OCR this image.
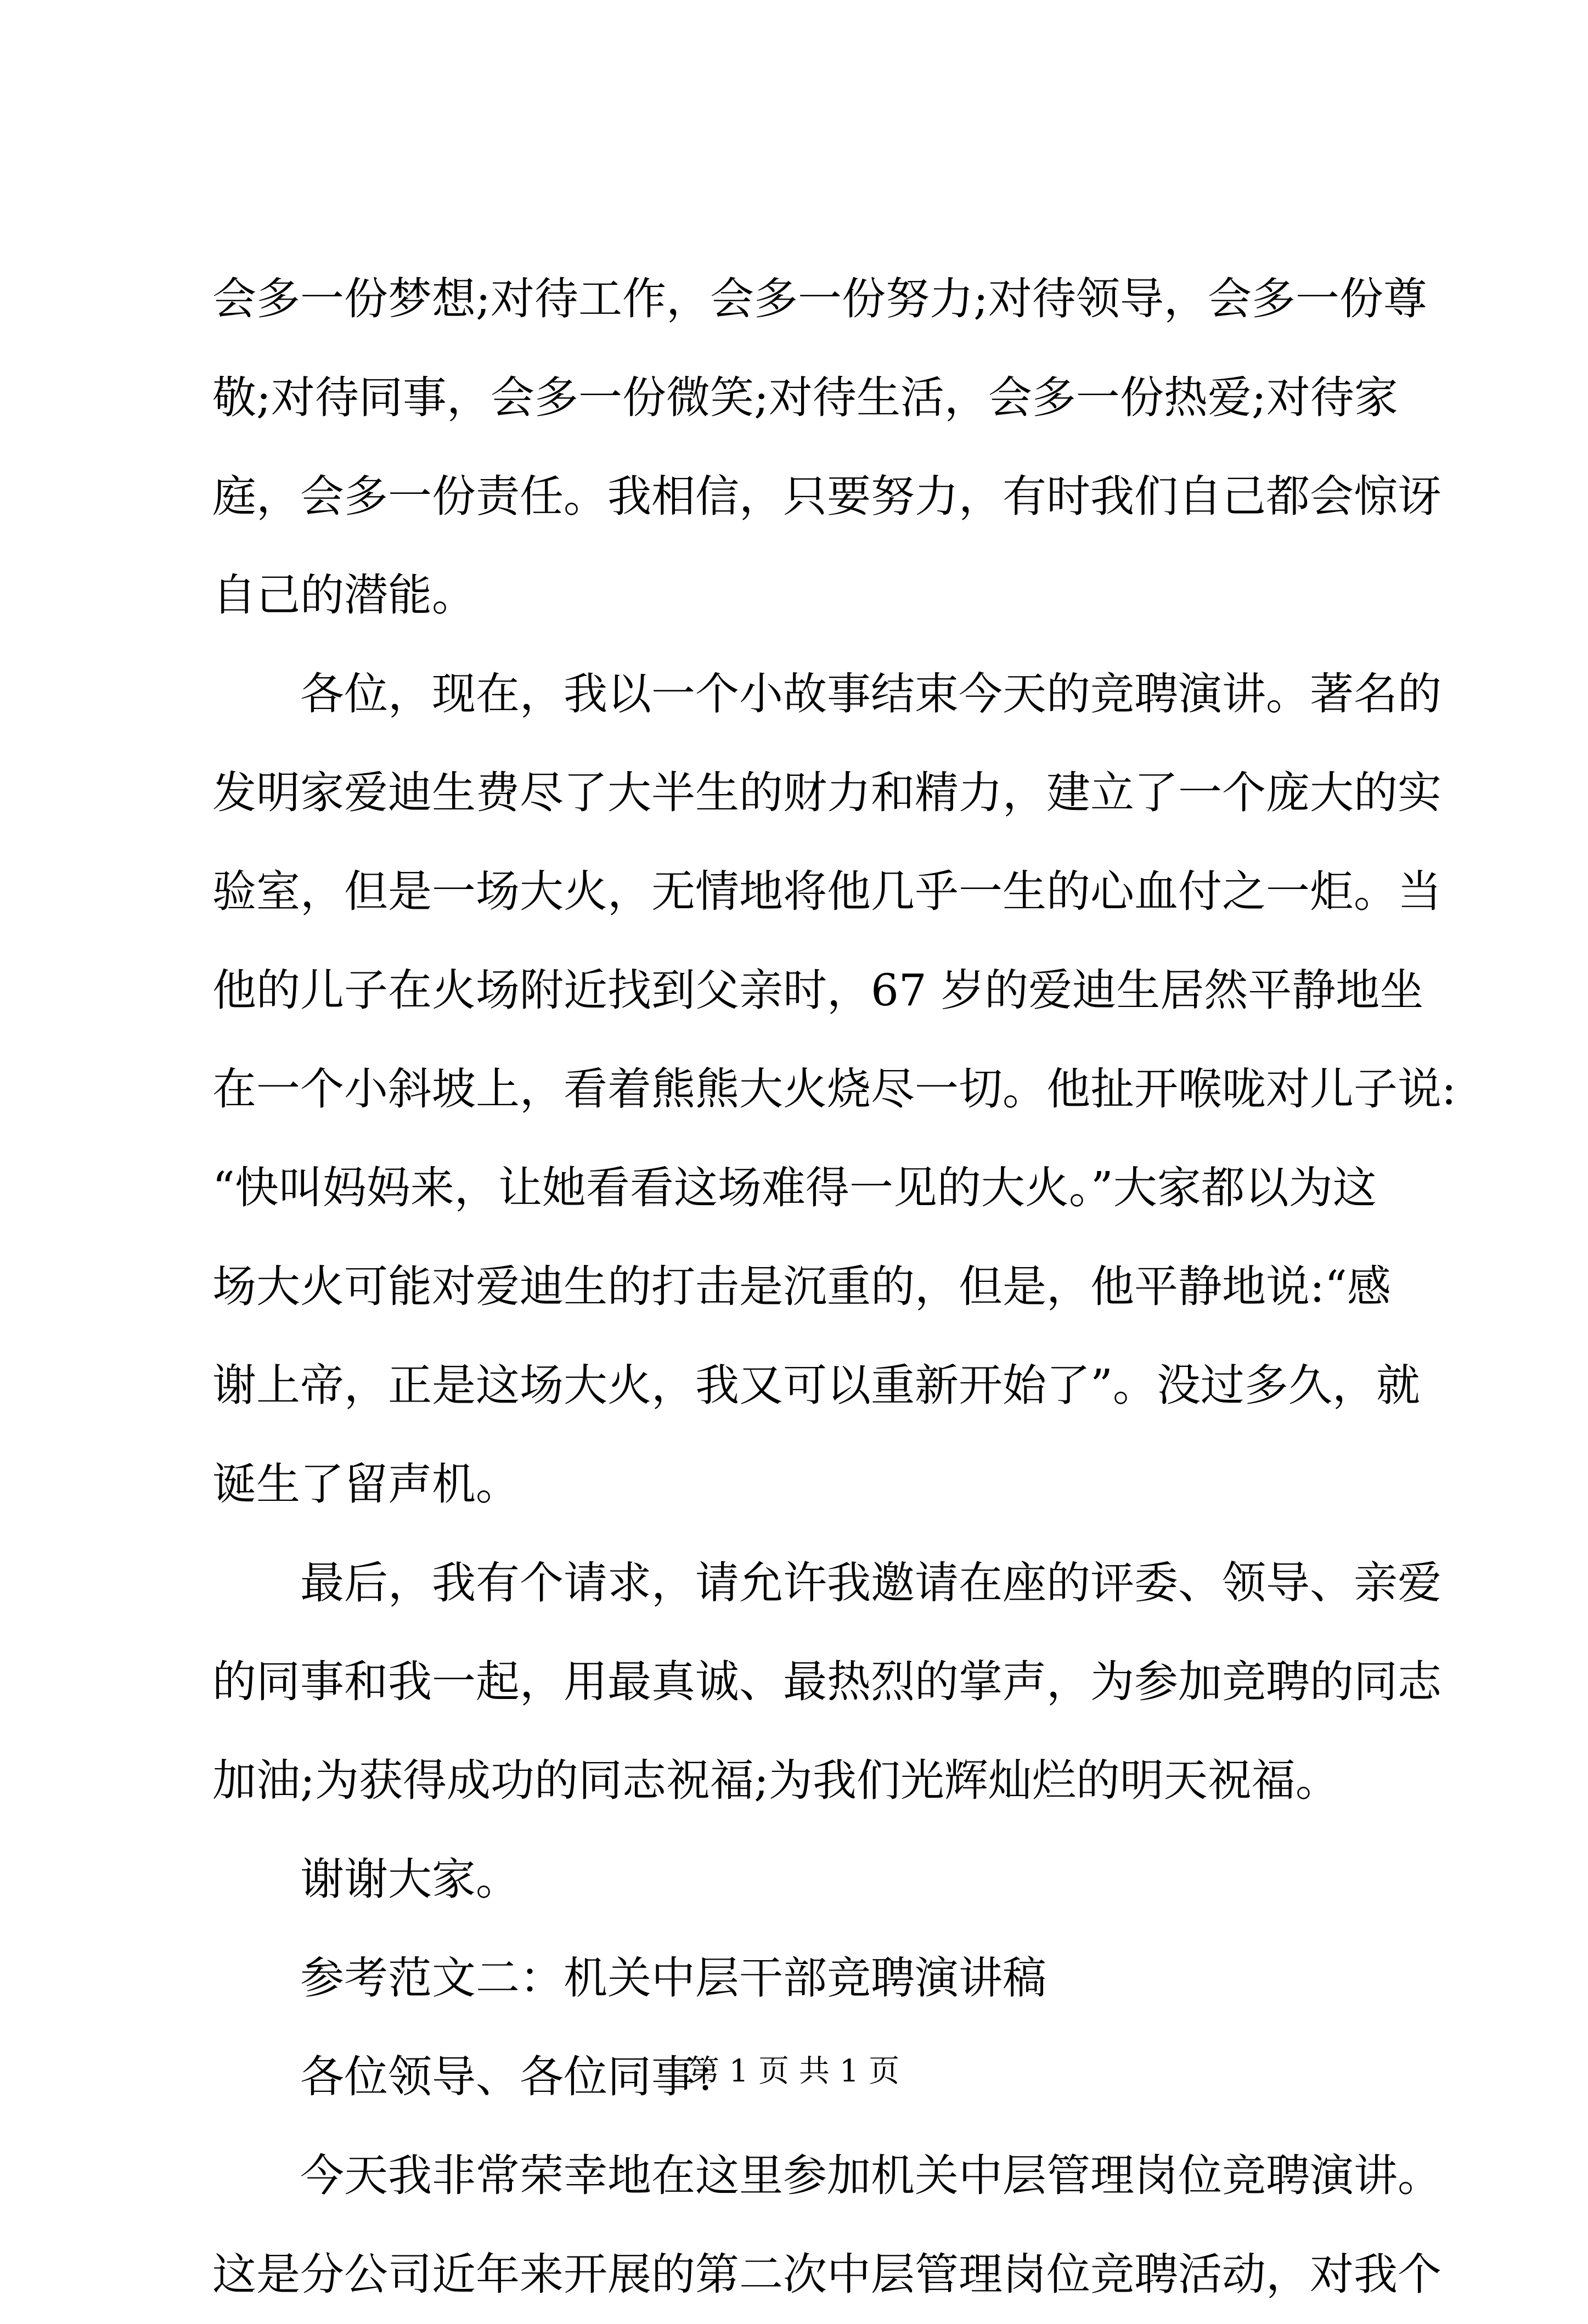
会多一份梦想;对待工作，会多一份努力;对待领导，会多一份尊
敬;对待同事，会多一份微笑;对待生活，会多一份热爱;对待家
庭，会多一份责任。我相信，只要努力，有时我们自己都会惊讶
自己的潜能。
各位，现在，我以一个小故事结束今天的竞聘演讲。著名的
发明家爱迪生费尽了大半生的财力和精力，建立了一个庞大的实
验室，但是一场大火，无情地将他几乎一生的心血付之一炬。当
他的儿子在火场附近找到父亲时，67 岁的爱迪生居然平静地坐
在一个小斜坡上，看着熊熊大火烧尽一切。他扯开喉咙对儿子说:
“快叫妈妈来，让她看看这场难得一见的大火。”大家都以为这
场大火可能对爱迪生的打击是沉重的，但是，他平静地说:“感
谢上帝，正是这场大火，我又可以重新开始了”。没过多久，就
诞生了留声机。
最后，我有个请求，请允许我邀请在座的评委、领导、亲爱
的同事和我一起，用最真诚、最热烈的掌声，为参加竞聘的同志
加油;为获得成功的同志祝福;为我们光辉灿烂的明天祝福。
谢谢大家。
参考范文二：机关中层干部竞聘演讲稿
各位领导、各位同事：
今天我非常荣幸地在这里参加机关中层管理岗位竞聘演讲。
这是分公司近年来开展的第二次中层管理岗位竞聘活动，对我个
第 1 页 共 1 页
